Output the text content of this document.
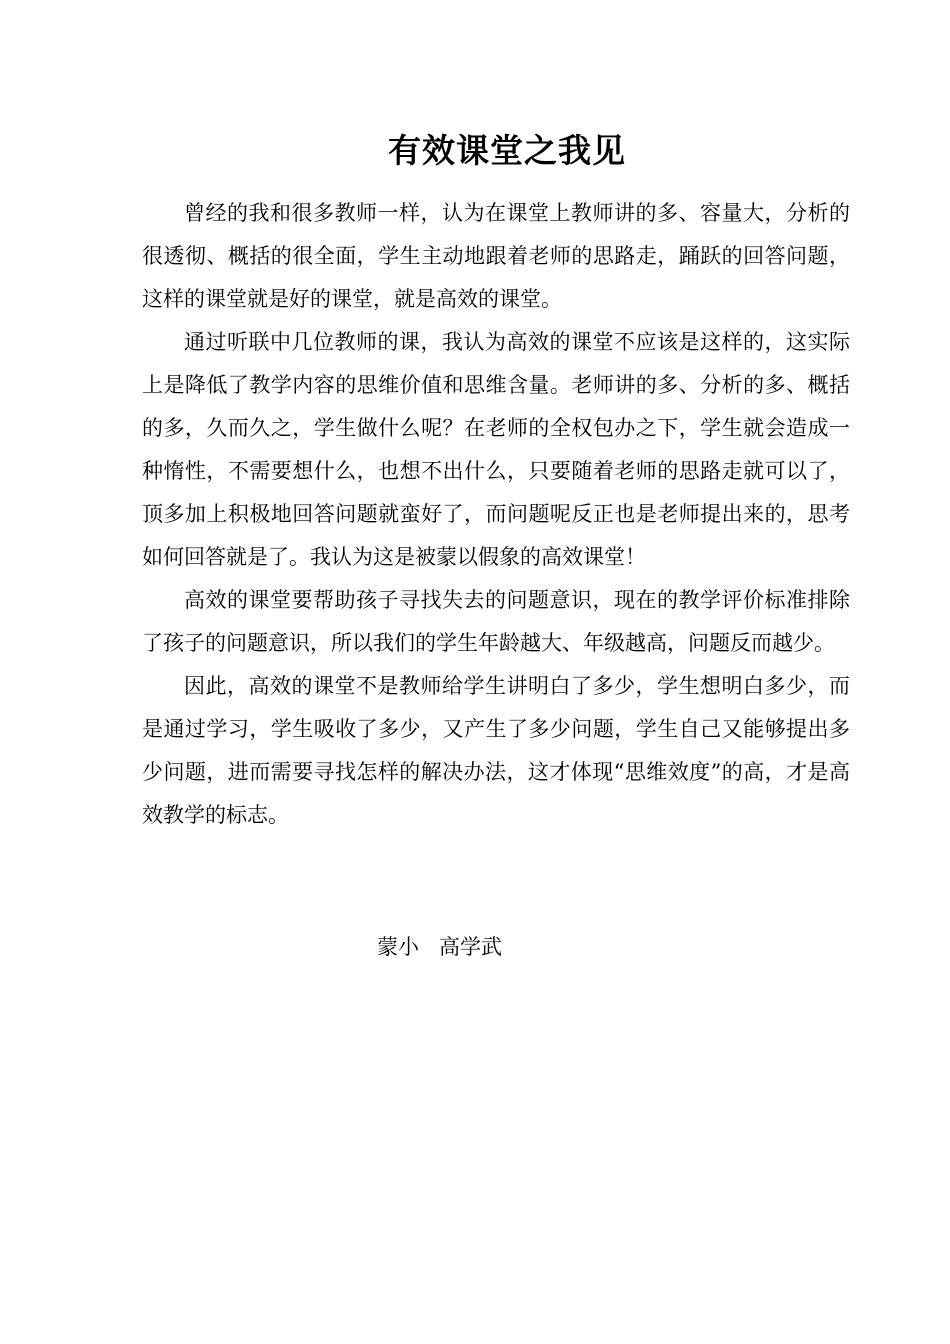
有效课堂之我见

曾经的我和很多教师一样，认为在课堂上教师讲的多、容量大，分析的很透彻、概括的很全面，学生主动地跟着老师的思路走，踊跃的回答问题，这样的课堂就是好的课堂，就是高效的课堂。

通过听联中几位教师的课，我认为高效的课堂不应该是这样的，这实际上是降低了教学内容的思维价值和思维含量。老师讲的多、分析的多、概括的多，久而久之，学生做什么呢？在老师的全权包办之下，学生就会造成一种惰性，不需要想什么，也想不出什么，只要随着老师的思路走就可以了，顶多加上积极地回答问题就蛮好了，而问题呢反正也是老师提出来的，思考如何回答就是了。我认为这是被蒙以假象的高效课堂！

高效的课堂要帮助孩子寻找失去的问题意识，现在的教学评价标准排除了孩子的问题意识，所以我们的学生年龄越大、年级越高，问题反而越少。

因此，高效的课堂不是教师给学生讲明白了多少，学生想明白多少，而是通过学习，学生吸收了多少，又产生了多少问题，学生自己又能够提出多少问题，进而需要寻找怎样的解决办法，这才体现“思维效度”的高，才是高效教学的标志。

蒙小   高学武
